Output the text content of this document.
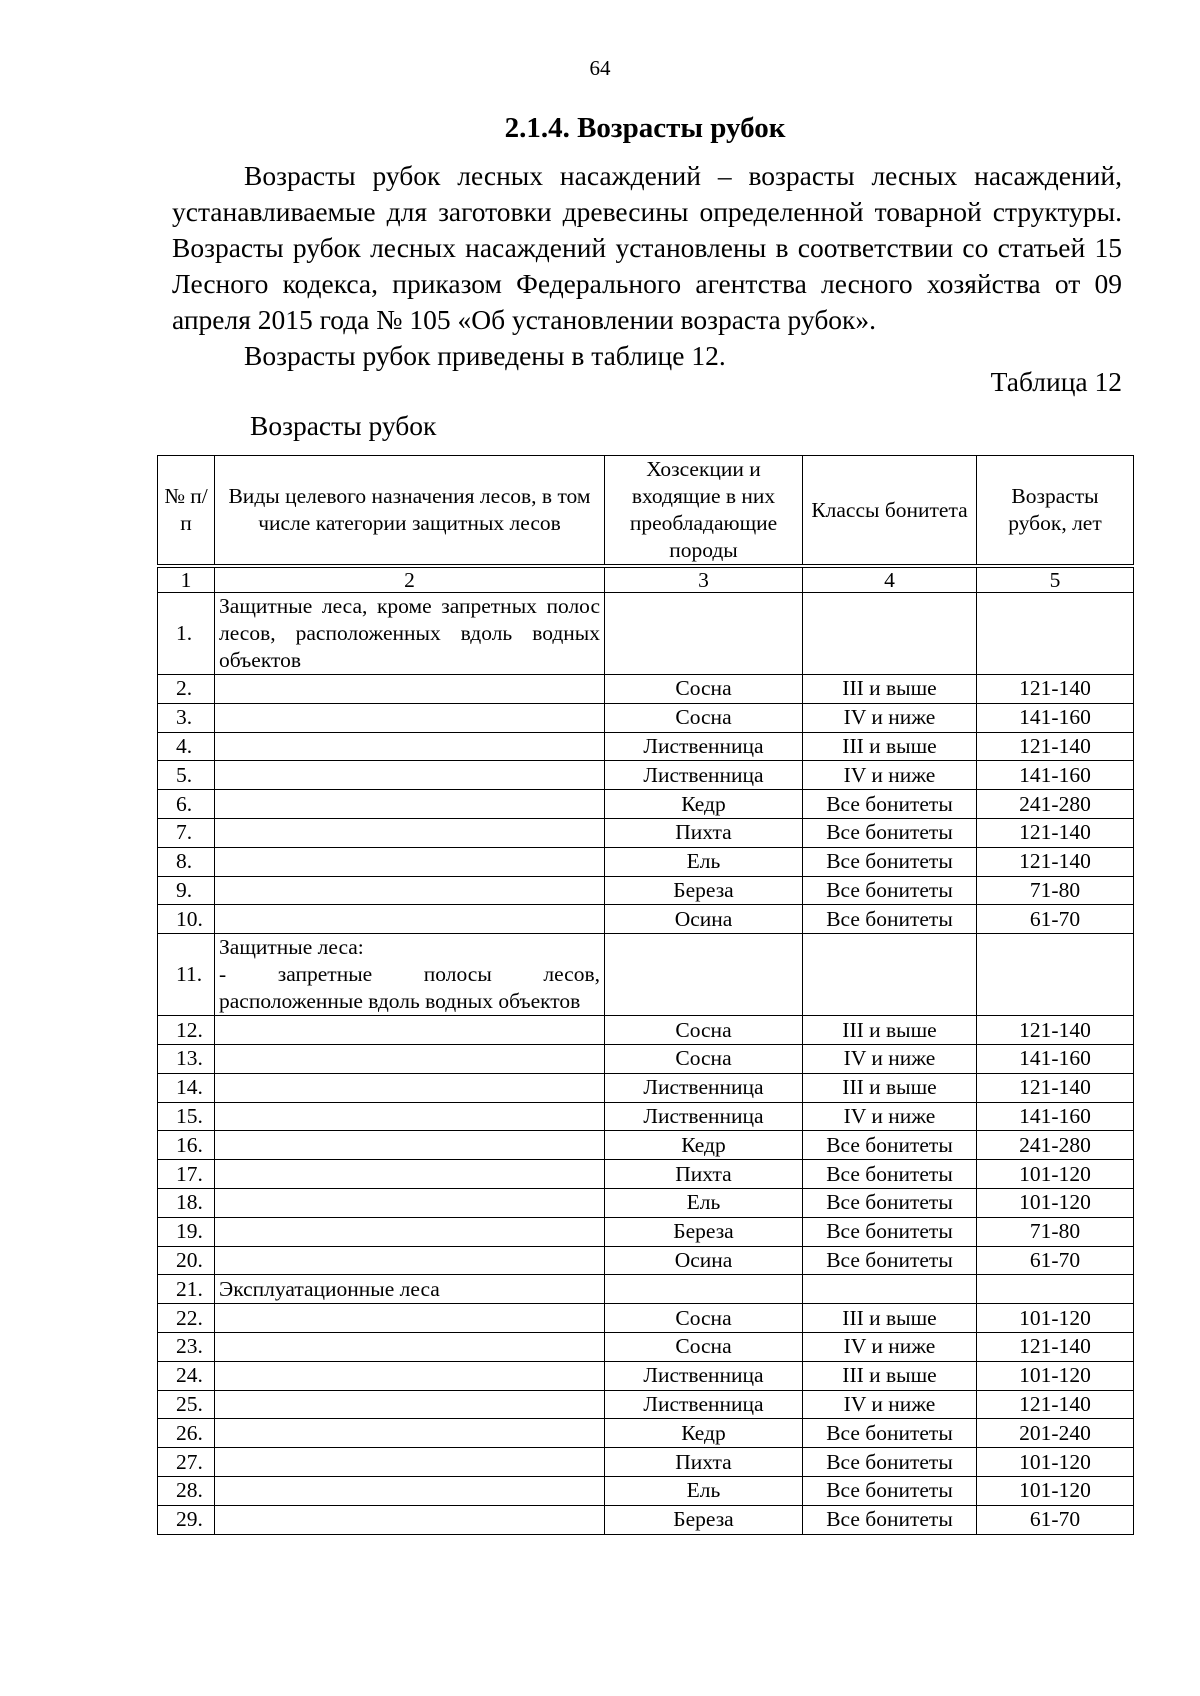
64
2.1.4. Возрасты рубок

Возрасты рубок лесных насаждений – возрасты лесных насаждений, устанавливаемые для заготовки древесины определенной товарной структуры. Возрасты рубок лесных насаждений установлены в соответствии со статьей 15 Лесного кодекса, приказом Федерального агентства лесного хозяйства от 09 апреля 2015 года № 105 «Об установлении возраста рубок».

Возрасты рубок приведены в таблице 12.

Таблица 12
Возрасты рубок
№ п/п	Виды целевого назначения лесов, в том числе категории защитных лесов	Хозсекции и входящие в них преобладающие породы	Классы бонитета	Возрасты рубок, лет
1	2	3	4	5
1.	Защитные леса, кроме запретных полос лесов, расположенных вдоль водных объектов			
2.		Сосна	III и выше	121-140
3.		Сосна	IV и ниже	141-160
4.		Лиственница	III и выше	121-140
5.		Лиственница	IV и ниже	141-160
6.		Кедр	Все бонитеты	241-280
7.		Пихта	Все бонитеты	121-140
8.		Ель	Все бонитеты	121-140
9.		Береза	Все бонитеты	71-80
10.		Осина	Все бонитеты	61-70
11.	Защитные леса:
- запретные полосы лесов, расположенные вдоль водных объектов			
12.		Сосна	III и выше	121-140
13.		Сосна	IV и ниже	141-160
14.		Лиственница	III и выше	121-140
15.		Лиственница	IV и ниже	141-160
16.		Кедр	Все бонитеты	241-280
17.		Пихта	Все бонитеты	101-120
18.		Ель	Все бонитеты	101-120
19.		Береза	Все бонитеты	71-80
20.		Осина	Все бонитеты	61-70
21.	Эксплуатационные леса			
22.		Сосна	III и выше	101-120
23.		Сосна	IV и ниже	121-140
24.		Лиственница	III и выше	101-120
25.		Лиственница	IV и ниже	121-140
26.		Кедр	Все бонитеты	201-240
27.		Пихта	Все бонитеты	101-120
28.		Ель	Все бонитеты	101-120
29.		Береза	Все бонитеты	61-70
